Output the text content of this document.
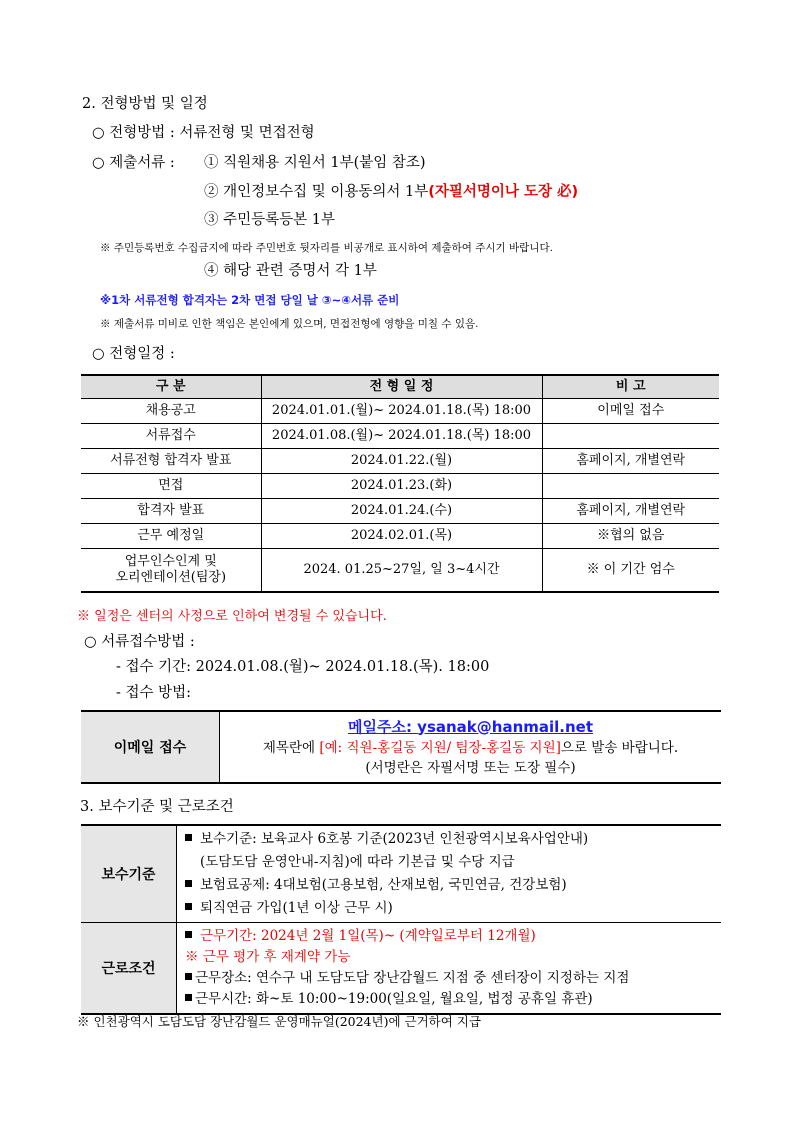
2. 전형방법 및 일정
○ 전형방법 : 서류전형 및 면접전형
○ 제출서류 : ① 직원채용 지원서 1부(붙임 참조)
② 개인정보수집 및 이용동의서 1부(자필서명이나 도장 必)
③ 주민등록등본 1부
※ 주민등록번호 수집금지에 따라 주민번호 뒷자리를 비공개로 표시하여 제출하여 주시기 바랍니다.
④ 해당 관련 증명서 각 1부
※1차 서류전형 합격자는 2차 면접 당일 날 ③~④서류 준비
※ 제출서류 미비로 인한 책임은 본인에게 있으며, 면접전형에 영향을 미칠 수 있음.
○ 전형일정 :
구 분	전 형 일 정	비 고
채용공고	2024.01.01.(월)~ 2024.01.18.(목) 18:00	이메일 접수
서류접수	2024.01.08.(월)~ 2024.01.18.(목) 18:00	
서류전형 합격자 발표	2024.01.22.(월)	홈페이지, 개별연락
면접	2024.01.23.(화)	
합격자 발표	2024.01.24.(수)	홈페이지, 개별연락
근무 예정일	2024.02.01.(목)	※협의 없음

업무인수인계 및
오리엔테이션(팀장)	2024. 01.25~27일, 일 3~4시간	※ 이 기간 엄수
※ 일정은 센터의 사정으로 인하여 변경될 수 있습니다.
○ 서류접수방법 :
- 접수 기간: 2024.01.08.(월)~ 2024.01.18.(목). 18:00
- 접수 방법:
이메일 접수	
메일주소: ysanak@hanmail.net
제목란에 [예: 직원-홍길동 지원/ 팀장-홍길동 지원]으로 발송 바랍니다.
(서명란은 자필서명 또는 도장 필수)
3. 보수기준 및 근로조건
보수기준	보수기준: 보육교사 6호봉 기준(2023년 인천광역시보육사업안내)
(도담도담 운영안내-지침)에 따라 기본급 및 수당 지급
보험료공제: 4대보험(고용보험, 산재보험, 국민연금, 건강보험)
퇴직연금 가입(1년 이상 근무 시)

근로조건	근무기간: 2024년 2월 1일(목)~ (계약일로부터 12개월)
※ 근무 평가 후 재계약 가능
근무장소: 연수구 내 도담도담 장난감월드 지점 중 센터장이 지정하는 지점
근무시간: 화~토 10:00~19:00(일요일, 월요일, 법정 공휴일 휴관)
※ 인천광역시 도담도담 장난감월드 운영매뉴얼(2024년)에 근거하여 지급
